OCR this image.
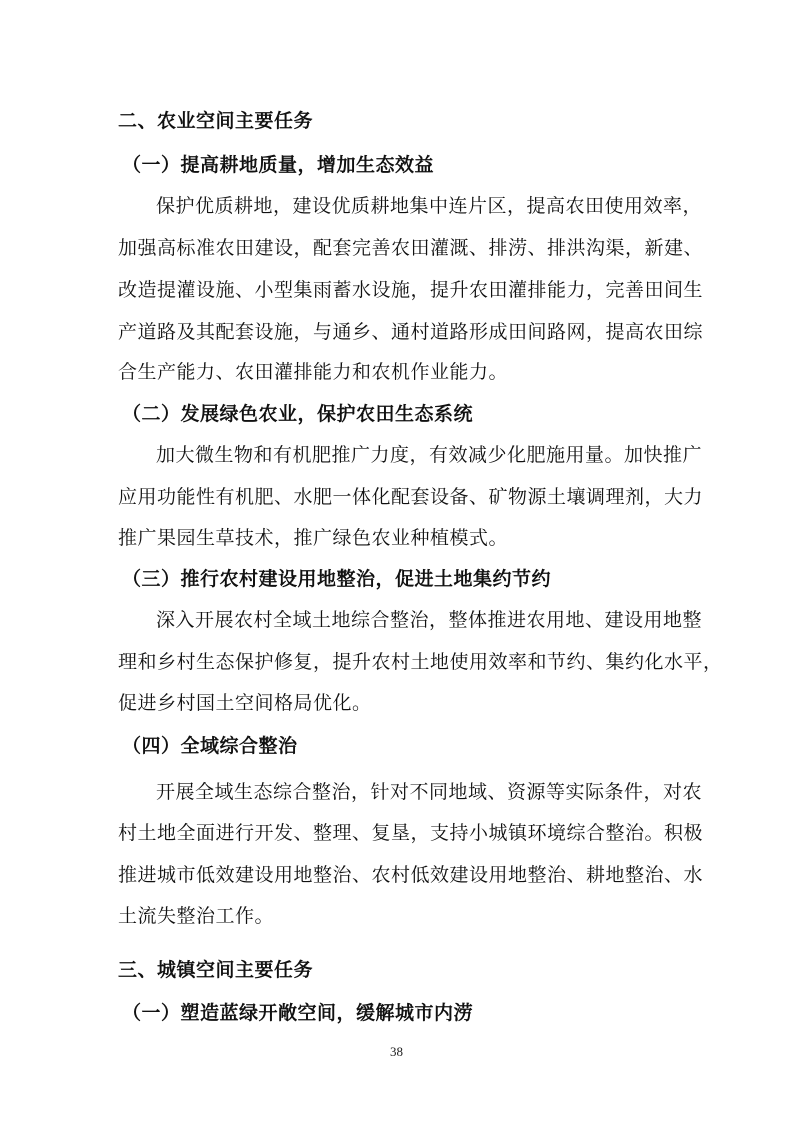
二、农业空间主要任务
（一）提高耕地质量，增加生态效益
保护优质耕地，建设优质耕地集中连片区，提高农田使用效率，
加强高标准农田建设，配套完善农田灌溉、排涝、排洪沟渠，新建、
改造提灌设施、小型集雨蓄水设施，提升农田灌排能力，完善田间生
产道路及其配套设施，与通乡、通村道路形成田间路网，提高农田综
合生产能力、农田灌排能力和农机作业能力。
（二）发展绿色农业，保护农田生态系统
加大微生物和有机肥推广力度，有效减少化肥施用量。加快推广
应用功能性有机肥、水肥一体化配套设备、矿物源土壤调理剂，大力
推广果园生草技术，推广绿色农业种植模式。
（三）推行农村建设用地整治，促进土地集约节约
深入开展农村全域土地综合整治，整体推进农用地、建设用地整
理和乡村生态保护修复，提升农村土地使用效率和节约、集约化水平，
促进乡村国土空间格局优化。
（四）全域综合整治
开展全域生态综合整治，针对不同地域、资源等实际条件，对农
村土地全面进行开发、整理、复垦，支持小城镇环境综合整治。积极
推进城市低效建设用地整治、农村低效建设用地整治、耕地整治、水
土流失整治工作。
三、城镇空间主要任务
（一）塑造蓝绿开敞空间，缓解城市内涝
38
